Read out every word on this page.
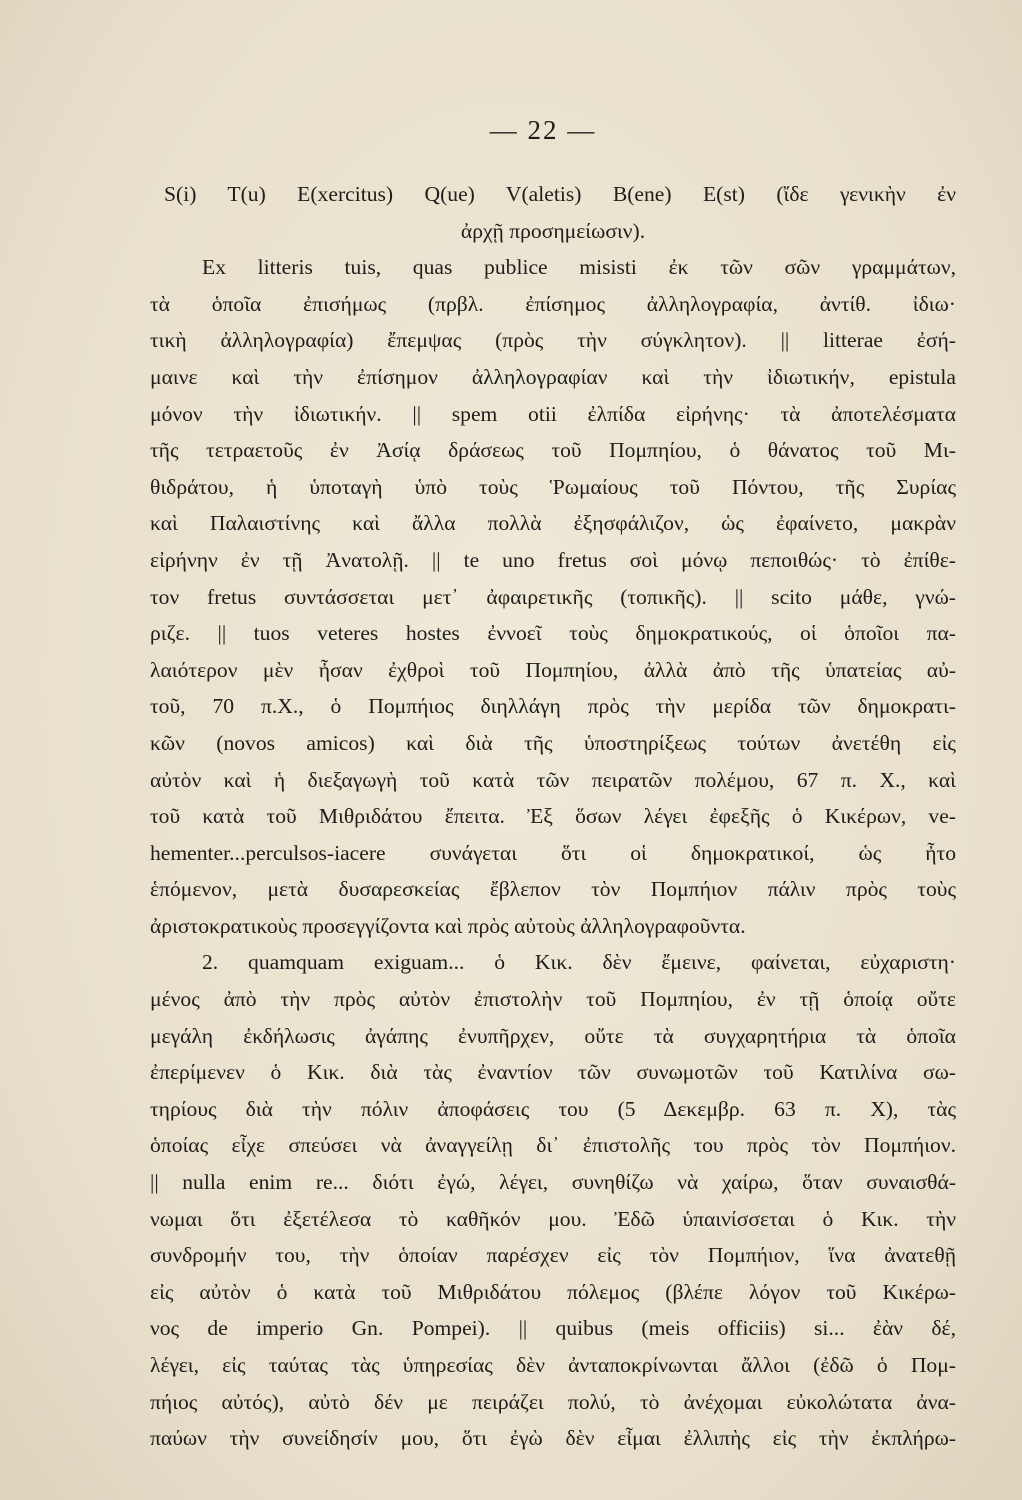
— 22 —
S(i) T(u) E(xercitus) Q(ue) V(aletis) B(ene) E(st) (ἴδε γενικὴν ἐν
ἀρχῇ προσημείωσιν).
Ex litteris tuis, quas publice misisti ἐκ τῶν σῶν γραμμάτων,
τὰ ὁποῖα ἐπισήμως (πρβλ. ἐπίσημος ἀλληλογραφία, ἀντίθ. ἰδιω·
τικὴ ἀλληλογραφία) ἔπεμψας (πρὸς τὴν σύγκλητον). || litterae ἐσή-
μαινε καὶ τὴν ἐπίσημον ἀλληλογραφίαν καὶ τὴν ἰδιωτικήν, epistula
μόνον τὴν ἰδιωτικήν. || spem otii ἐλπίδα εἰρήνης· τὰ ἀποτελέσματα
τῆς τετραετοῦς ἐν Ἀσίᾳ δράσεως τοῦ Πομπηίου, ὁ θάνατος τοῦ Μι-
θιδράτου, ἡ ὑποταγὴ ὑπὸ τοὺς Ῥωμαίους τοῦ Πόντου, τῆς Συρίας
καὶ Παλαιστίνης καὶ ἄλλα πολλὰ ἐξησφάλιζον, ὡς ἐφαίνετο, μακρὰν
εἰρήνην ἐν τῇ Ἀνατολῇ. || te uno fretus σοὶ μόνῳ πεποιθώς· τὸ ἐπίθε-
τον fretus συντάσσεται μετ᾽ ἀφαιρετικῆς (τοπικῆς). || scito μάθε, γνώ-
ριζε. || tuos veteres hostes ἐννοεῖ τοὺς δημοκρατικούς, οἱ ὁποῖοι πα-
λαιότερον μὲν ἦσαν ἐχθροὶ τοῦ Πομπηίου, ἀλλὰ ἀπὸ τῆς ὑπατείας αὐ-
τοῦ, 70 π.Χ., ὁ Πομπήιος διηλλάγη πρὸς τὴν μερίδα τῶν δημοκρατι-
κῶν (novos amicos) καὶ διὰ τῆς ὑποστηρίξεως τούτων ἀνετέθη εἰς
αὐτὸν καὶ ἡ διεξαγωγὴ τοῦ κατὰ τῶν πειρατῶν πολέμου, 67 π. Χ., καὶ
τοῦ κατὰ τοῦ Μιθριδάτου ἔπειτα. Ἐξ ὅσων λέγει ἐφεξῆς ὁ Κικέρων, ve-
hementer...perculsos-iacere συνάγεται ὅτι οἱ δημοκρατικοί, ὡς ἦτο
ἑπόμενον, μετὰ δυσαρεσκείας ἔβλεπον τὸν Πομπήιον πάλιν πρὸς τοὺς
ἀριστοκρατικοὺς προσεγγίζοντα καὶ πρὸς αὐτοὺς ἀλληλογραφοῦντα.
2. quamquam exiguam... ὁ Κικ. δὲν ἔμεινε, φαίνεται, εὐχαριστη·
μένος ἀπὸ τὴν πρὸς αὐτὸν ἐπιστολὴν τοῦ Πομπηίου, ἐν τῇ ὁποίᾳ οὔτε
μεγάλη ἐκδήλωσις ἀγάπης ἐνυπῆρχεν, οὔτε τὰ συγχαρητήρια τὰ ὁποῖα
ἐπερίμενεν ὁ Κικ. διὰ τὰς ἐναντίον τῶν συνωμοτῶν τοῦ Κατιλίνα σω-
τηρίους διὰ τὴν πόλιν ἀποφάσεις του (5 Δεκεμβρ. 63 π. Χ), τὰς
ὁποίας εἶχε σπεύσει νὰ ἀναγγείλῃ δι᾽ ἐπιστολῆς του πρὸς τὸν Πομπήιον.
|| nulla enim re... διότι ἐγώ, λέγει, συνηθίζω νὰ χαίρω, ὅταν συναισθά-
νωμαι ὅτι ἐξετέλεσα τὸ καθῆκόν μου. Ἐδῶ ὑπαινίσσεται ὁ Κικ. τὴν
συνδρομήν του, τὴν ὁποίαν παρέσχεν εἰς τὸν Πομπήιον, ἵνα ἀνατεθῇ
εἰς αὐτὸν ὁ κατὰ τοῦ Μιθριδάτου πόλεμος (βλέπε λόγον τοῦ Κικέρω-
νος de imperio Gn. Pompei). || quibus (meis officiis) si... ἐὰν δέ,
λέγει, εἰς ταύτας τὰς ὑπηρεσίας δὲν ἀνταποκρίνωνται ἄλλοι (ἐδῶ ὁ Πομ-
πήιος αὐτός), αὐτὸ δέν με πειράζει πολύ, τὸ ἀνέχομαι εὐκολώτατα ἀνα-
παύων τὴν συνείδησίν μου, ὅτι ἐγὼ δὲν εἶμαι ἐλλιπὴς εἰς τὴν ἐκπλήρω-
